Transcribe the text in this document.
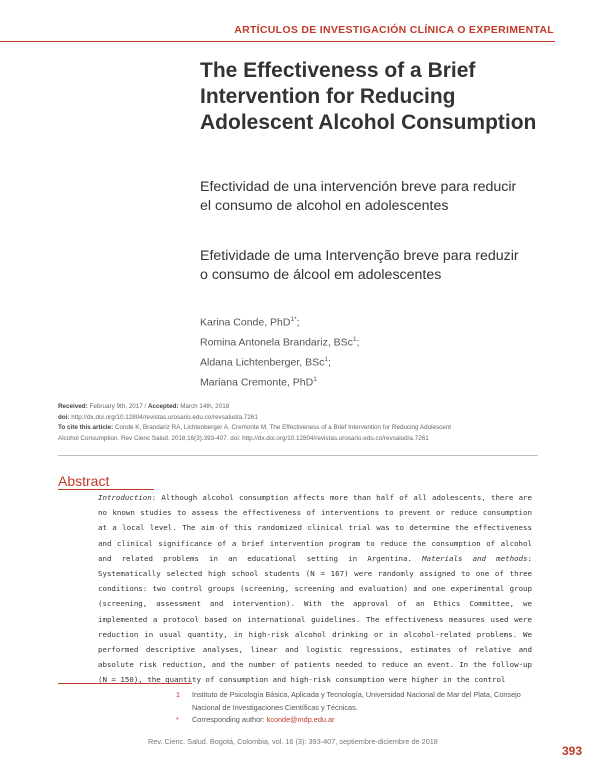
ARTÍCULOS DE INVESTIGACIÓN CLÍNICA O EXPERIMENTAL
The Effectiveness of a Brief Intervention for Reducing Adolescent Alcohol Consumption

Efectividad de una intervención breve para reducir el consumo de alcohol en adolescentes

Efetividade de uma Intervenção breve para reduzir o consumo de álcool em adolescentes

Karina Conde, PhD$^{1*}$;
Romina Antonela Brandariz, BSc$^1$;
Aldana Lichtenberger, BSc$^1$;
Mariana Cremonte, PhD$^1$
Received: February 9th, 2017 / Accepted: March 14th, 2018
doi: http://dx.doi.org/10.12804/revistas.urosario.edu.co/revsalud/a.7261
To cite this article: Conde K, Brandariz RA, Lichtenberger A, Cremonte M. The Effectiveness of a Brief Intervention for Reducing Adolescent
Alcohol Consumption. Rev Cienc Salud. 2018;16(3):393-407. doi: http://dx.doi.org/10.12804/revistas.urosario.edu.co/revsalud/a.7261
Abstract

Introduction: Although alcohol consumption affects more than half of all adolescents, there are no known studies to assess the effectiveness of interventions to prevent or reduce consumption at a local level. The aim of this randomized clinical trial was to determine the effectiveness and clinical significance of a brief intervention program to reduce the consumption of alcohol and related problems in an educational setting in Argentina. Materials and methods: Systematically selected high school students (N = 167) were randomly assigned to one of three conditions: two control groups (screening, screening and evaluation) and one experimental group (screening, assessment and intervention). With the approval of an Ethics Committee, we implemented a protocol based on international guidelines. The effectiveness measures used were reduction in usual quantity, in high-risk alcohol drinking or in alcohol-related problems. We performed descriptive analyses, linear and logistic regressions, estimates of relative and absolute risk reduction, and the number of patients needed to reduce an event. In the follow-up (N = 150), the quantity of consumption and high-risk consumption were higher in the control

1 Instituto de Psicología Básica, Aplicada y Tecnología, Universidad Nacional de Mar del Plata, Consejo Nacional de Investigaciones Científicas y Técnicas.
* Corresponding author: kconde@mdp.edu.ar
Rev. Cienc. Salud. Bogotá, Colombia, vol. 16 (3): 393-407, septiembre-diciembre de 2018
393
